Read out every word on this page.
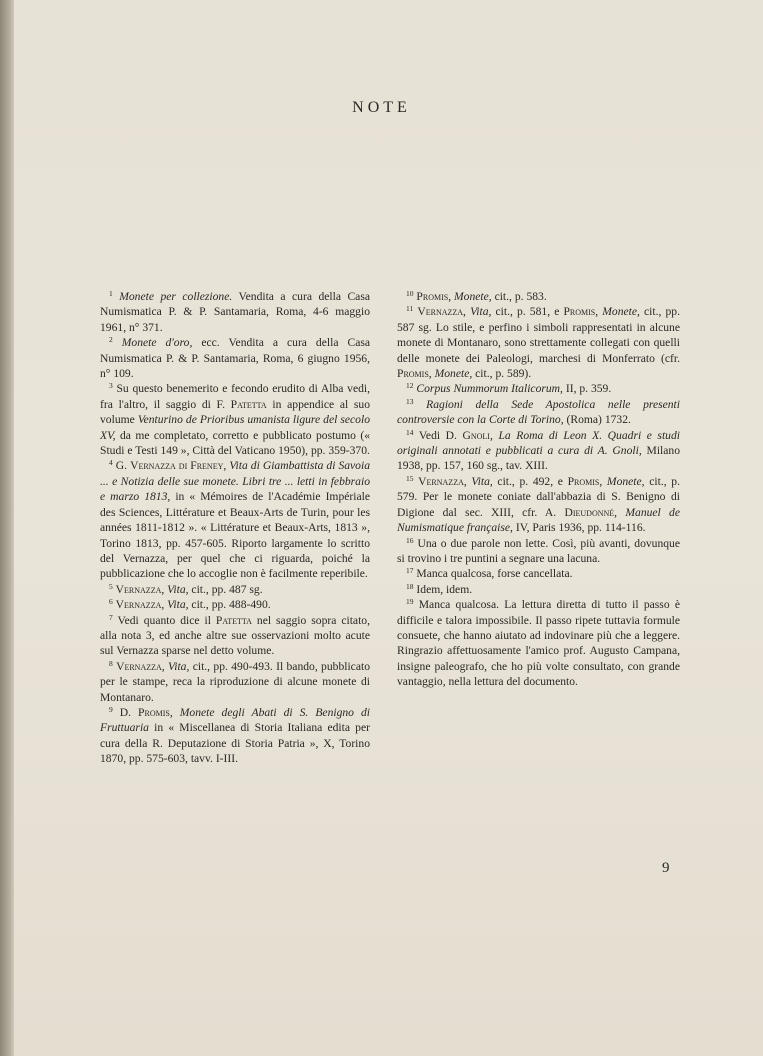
NOTE

$^1$ Monete per collezione. Vendita a cura della Casa Numismatica P. & P. Santamaria, Roma, 4-6 maggio 1961, n° 371.

$^2$ Monete d'oro, ecc. Vendita a cura della Casa Numismatica P. & P. Santamaria, Roma, 6 giugno 1956, n° 109.

$^3$ Su questo benemerito e fecondo erudito di Alba vedi, fra l'altro, il saggio di F. Patetta in appendice al suo volume Venturino de Prioribus umanista ligure del secolo XV, da me completato, corretto e pubblicato postumo (« Studi e Testi 149 », Città del Vaticano 1950), pp. 359-370.

$^4$ G. Vernazza di Freney, Vita di Giambattista di Savoia ... e Notizia delle sue monete. Libri tre ... letti in febbraio e marzo 1813, in « Mémoires de l'Académie Impériale des Sciences, Littérature et Beaux-Arts de Turin, pour les années 1811-1812 ». « Littérature et Beaux-Arts, 1813 », Torino 1813, pp. 457-605. Riporto largamente lo scritto del Vernazza, per quel che ci riguarda, poiché la pubblicazione che lo accoglie non è facilmente reperibile.

$^5$ Vernazza, Vita, cit., pp. 487 sg.

$^6$ Vernazza, Vita, cit., pp. 488-490.

$^7$ Vedi quanto dice il Patetta nel saggio sopra citato, alla nota 3, ed anche altre sue osservazioni molto acute sul Vernazza sparse nel detto volume.

$^8$ Vernazza, Vita, cit., pp. 490-493. Il bando, pubblicato per le stampe, reca la riproduzione di alcune monete di Montanaro.

$^9$ D. Promis, Monete degli Abati di S. Benigno di Fruttuaria in « Miscellanea di Storia Italiana edita per cura della R. Deputazione di Storia Patria », X, Torino 1870, pp. 575-603, tavv. I-III.

$^{10}$ Promis, Monete, cit., p. 583.

$^{11}$ Vernazza, Vita, cit., p. 581, e Promis, Monete, cit., pp. 587 sg. Lo stile, e perfino i simboli rappresentati in alcune monete di Montanaro, sono strettamente collegati con quelli delle monete dei Paleologi, marchesi di Monferrato (cfr. Promis, Monete, cit., p. 589).

$^{12}$ Corpus Nummorum Italicorum, II, p. 359.

$^{13}$ Ragioni della Sede Apostolica nelle presenti controversie con la Corte di Torino, (Roma) 1732.

$^{14}$ Vedi D. Gnoli, La Roma di Leon X. Quadri e studi originali annotati e pubblicati a cura di A. Gnoli, Milano 1938, pp. 157, 160 sg., tav. XIII.

$^{15}$ Vernazza, Vita, cit., p. 492, e Promis, Monete, cit., p. 579. Per le monete coniate dall'abbazia di S. Benigno di Digione dal sec. XIII, cfr. A. Dieudonné, Manuel de Numismatique française, IV, Paris 1936, pp. 114-116.

$^{16}$ Una o due parole non lette. Così, più avanti, dovunque si trovino i tre puntini a segnare una lacuna.

$^{17}$ Manca qualcosa, forse cancellata.

$^{18}$ Idem, idem.

$^{19}$ Manca qualcosa. La lettura diretta di tutto il passo è difficile e talora impossibile. Il passo ripete tuttavia formule consuete, che hanno aiutato ad indovinare più che a leggere. Ringrazio affettuosamente l'amico prof. Augusto Campana, insigne paleografo, che ho più volte consultato, con grande vantaggio, nella lettura del documento.

9
